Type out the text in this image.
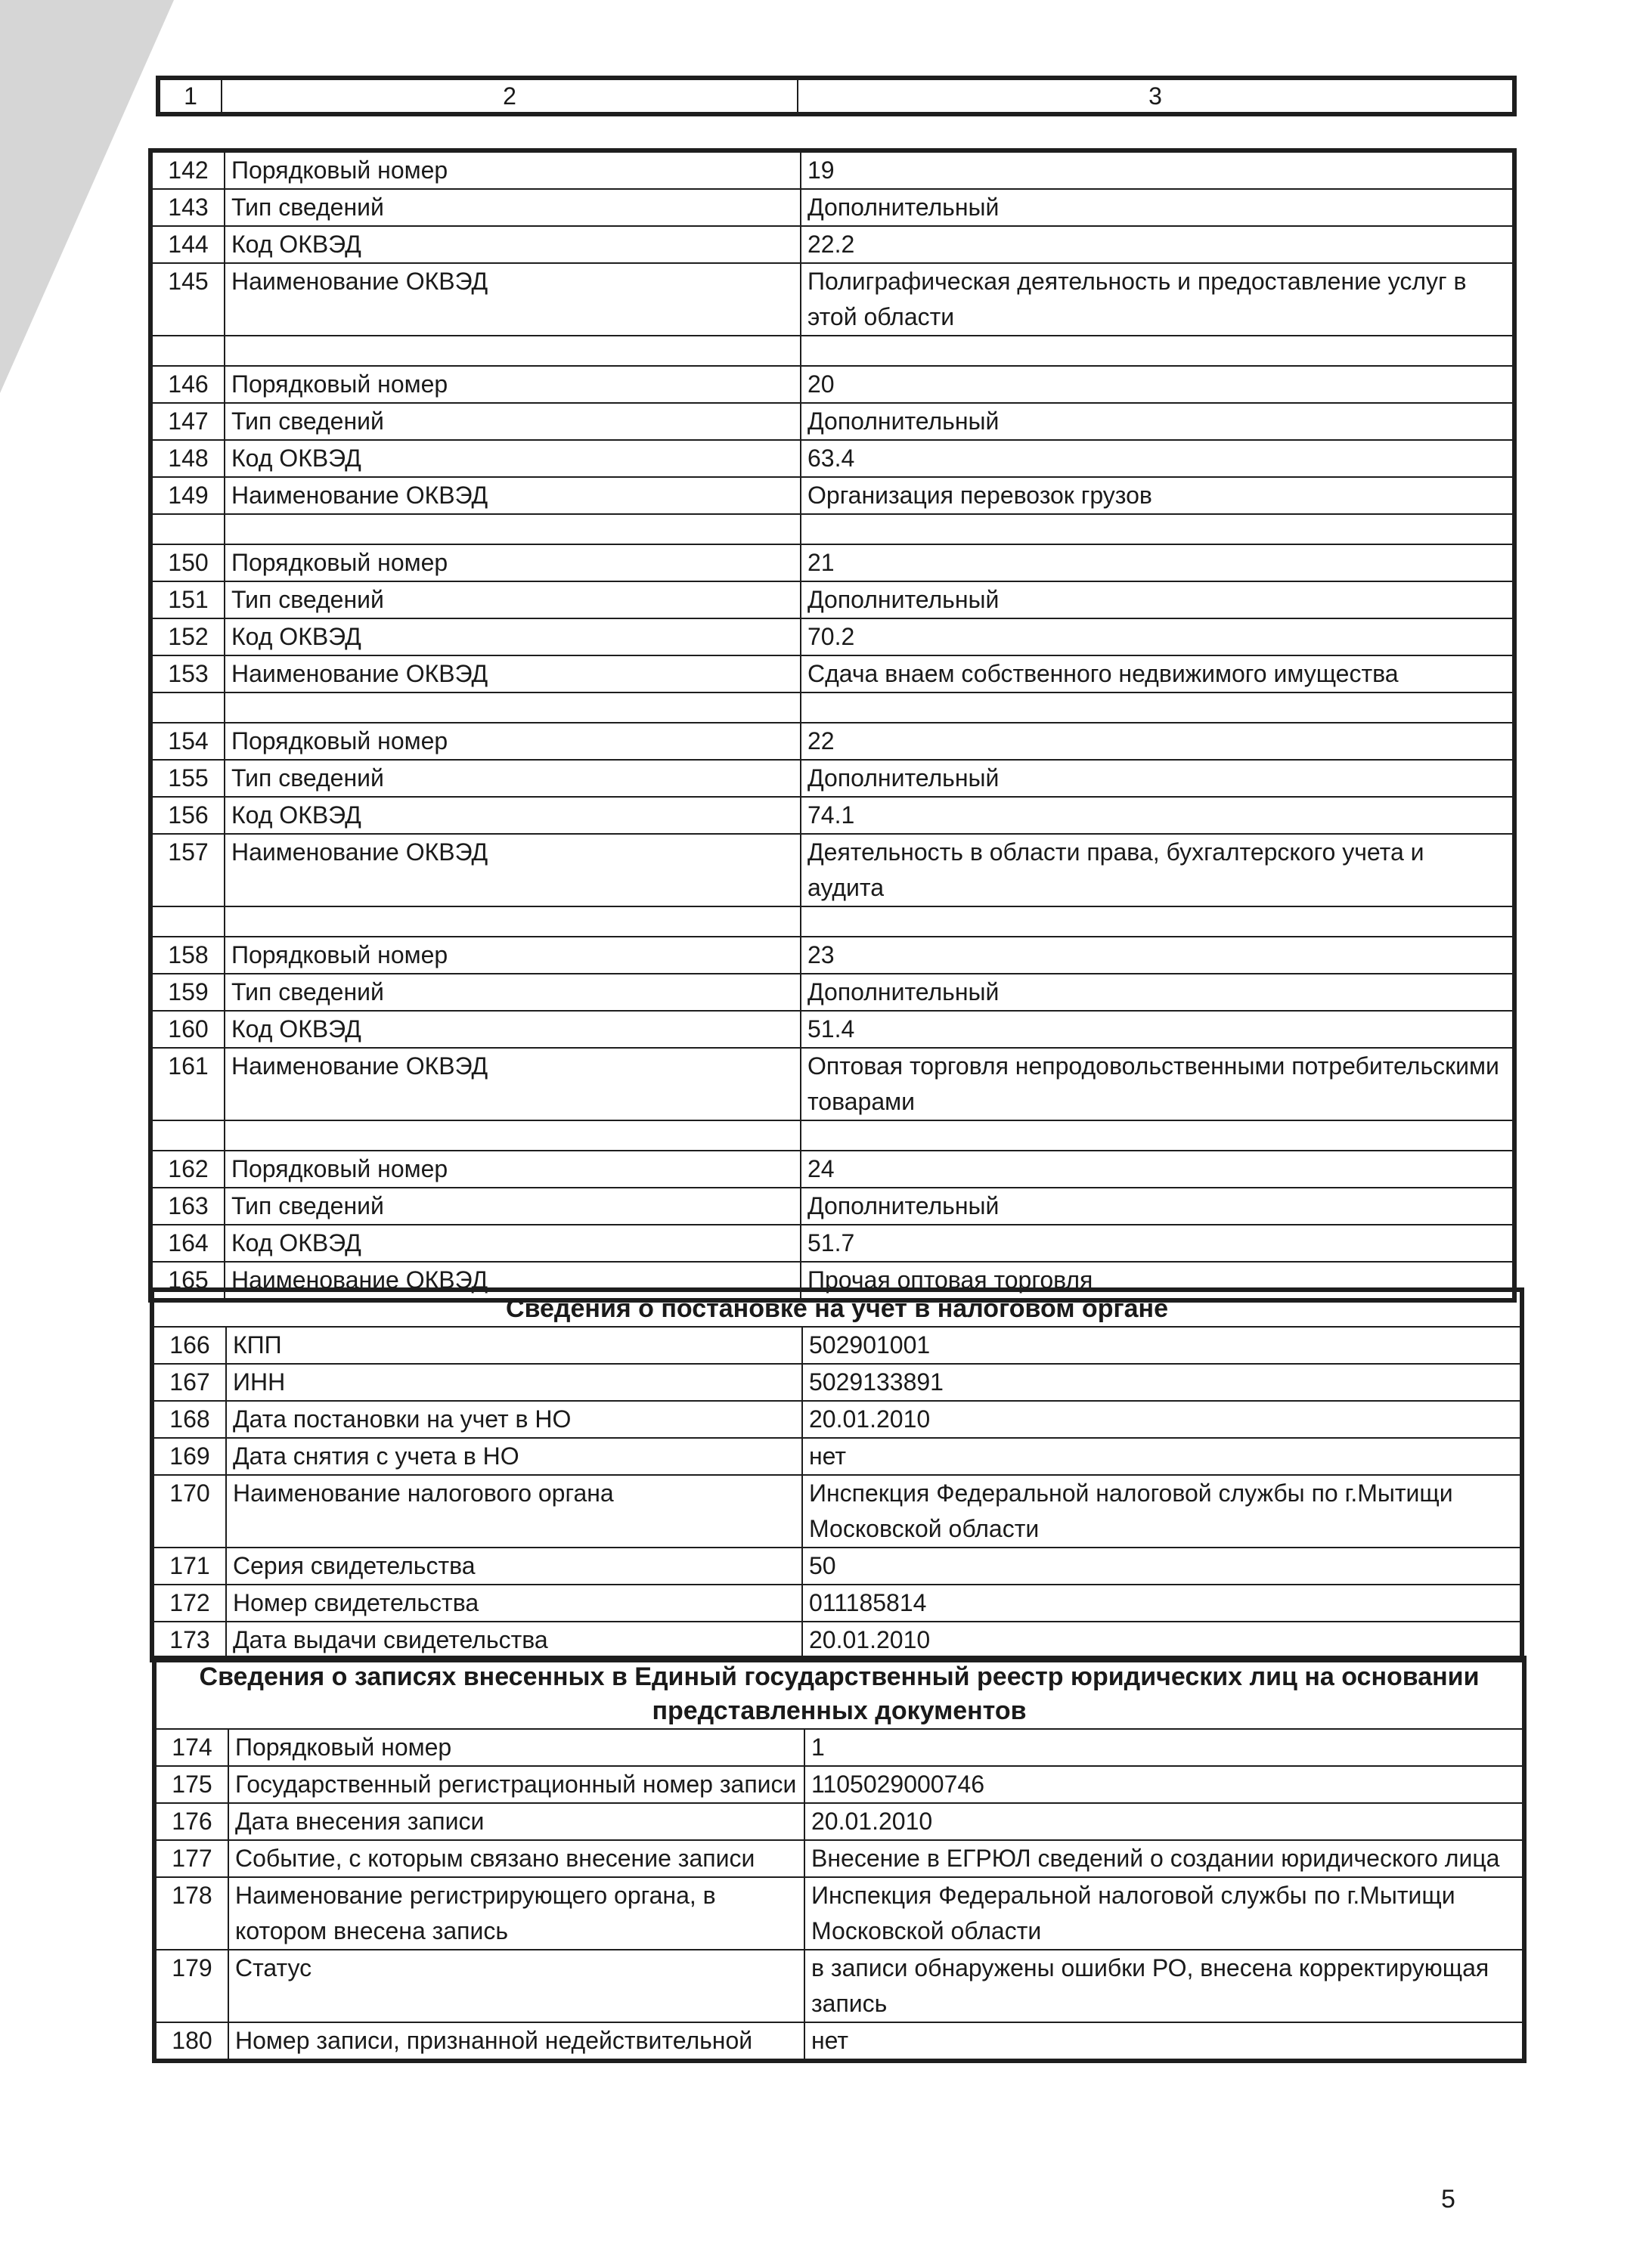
1	2	3
142	Порядковый номер	19
143	Тип сведений	Дополнительный
144	Код ОКВЭД	22.2
145	Наименование ОКВЭД	Полиграфическая деятельность и предоставление услуг в этой области

146	Порядковый номер	20
147	Тип сведений	Дополнительный
148	Код ОКВЭД	63.4
149	Наименование ОКВЭД	Организация перевозок грузов

150	Порядковый номер	21
151	Тип сведений	Дополнительный
152	Код ОКВЭД	70.2
153	Наименование ОКВЭД	Сдача внаем собственного недвижимого имущества

154	Порядковый номер	22
155	Тип сведений	Дополнительный
156	Код ОКВЭД	74.1
157	Наименование ОКВЭД	Деятельность в области права, бухгалтерского учета и аудита

158	Порядковый номер	23
159	Тип сведений	Дополнительный
160	Код ОКВЭД	51.4
161	Наименование ОКВЭД	Оптовая торговля непродовольственными потребительскими товарами

162	Порядковый номер	24
163	Тип сведений	Дополнительный
164	Код ОКВЭД	51.7
165	Наименование ОКВЭД	Прочая оптовая торговля
Сведения о постановке на учет в налоговом органе		
166	КПП	502901001
167	ИНН	5029133891
168	Дата постановки на учет в НО	20.01.2010
169	Дата снятия с учета в НО	нет
170	Наименование налогового органа	Инспекция Федеральной налоговой службы по г.Мытищи Московской области
171	Серия свидетельства	50
172	Номер свидетельства	011185814
173	Дата выдачи свидетельства	20.01.2010
Сведения о записях внесенных в Единый государственный реестр юридических лиц на основании представленных документов		
174	Порядковый номер	1
175	Государственный регистрационный номер записи	1105029000746
176	Дата внесения записи	20.01.2010
177	Событие, с которым связано внесение записи	Внесение в ЕГРЮЛ сведений о создании юридического лица
178	Наименование регистрирующего органа, в котором внесена запись	Инспекция Федеральной налоговой службы по г.Мытищи Московской области
179	Статус	в записи обнаружены ошибки РО, внесена корректирующая запись
180	Номер записи, признанной недействительной	нет
5
